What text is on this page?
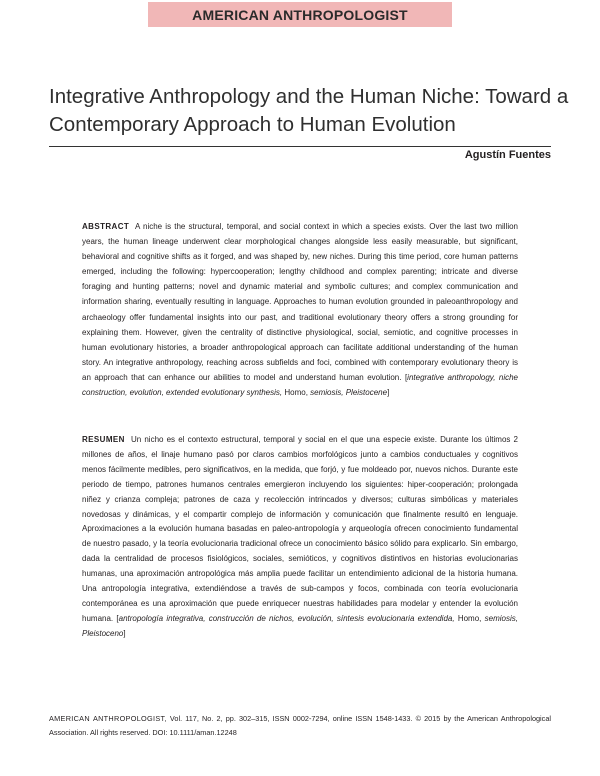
AMERICAN ANTHROPOLOGIST
Integrative Anthropology and the Human Niche: Toward a Contemporary Approach to Human Evolution
Agustín Fuentes

ABSTRACT A niche is the structural, temporal, and social context in which a species exists. Over the last two million years, the human lineage underwent clear morphological changes alongside less easily measurable, but significant, behavioral and cognitive shifts as it forged, and was shaped by, new niches. During this time period, core human patterns emerged, including the following: hypercooperation; lengthy childhood and complex parenting; intricate and diverse foraging and hunting patterns; novel and dynamic material and symbolic cultures; and complex communication and information sharing, eventually resulting in language. Approaches to human evolution grounded in paleoanthropology and archaeology offer fundamental insights into our past, and traditional evolutionary theory offers a strong grounding for explaining them. However, given the centrality of distinctive physiological, social, semiotic, and cognitive processes in human evolutionary histories, a broader anthropological approach can facilitate additional understanding of the human story. An integrative anthropology, reaching across subfields and foci, combined with contemporary evolutionary theory is an approach that can enhance our abilities to model and understand human evolution. [integrative anthropology, niche construction, evolution, extended evolutionary synthesis, Homo, semiosis, Pleistocene]

RESUMEN Un nicho es el contexto estructural, temporal y social en el que una especie existe. Durante los últimos 2 millones de años, el linaje humano pasó por claros cambios morfológicos junto a cambios conductuales y cognitivos menos fácilmente medibles, pero significativos, en la medida, que forjó, y fue moldeado por, nuevos nichos. Durante este periodo de tiempo, patrones humanos centrales emergieron incluyendo los siguientes: hiper-cooperación; prolongada niñez y crianza compleja; patrones de caza y recolección intrincados y diversos; culturas simbólicas y materiales novedosas y dinámicas, y el compartir complejo de información y comunicación que finalmente resultó en lenguaje. Aproximaciones a la evolución humana basadas en paleo-antropología y arqueología ofrecen conocimiento fundamental de nuestro pasado, y la teoría evolucionaria tradicional ofrece un conocimiento básico sólido para explicarlo. Sin embargo, dada la centralidad de procesos fisiológicos, sociales, semióticos, y cognitivos distintivos en historias evolucionarias humanas, una aproximación antropológica más amplia puede facilitar un entendimiento adicional de la historia humana. Una antropología integrativa, extendiéndose a través de sub-campos y focos, combinada con teoría evolucionaria contemporánea es una aproximación que puede enriquecer nuestras habilidades para modelar y entender la evolución humana. [antropología integrativa, construcción de nichos, evolución, síntesis evolucionaria extendida, Homo, semiosis, Pleistoceno]

AMERICAN ANTHROPOLOGIST, Vol. 117, No. 2, pp. 302–315, ISSN 0002-7294, online ISSN 1548-1433. © 2015 by the American Anthropological Association. All rights reserved. DOI: 10.1111/aman.12248
